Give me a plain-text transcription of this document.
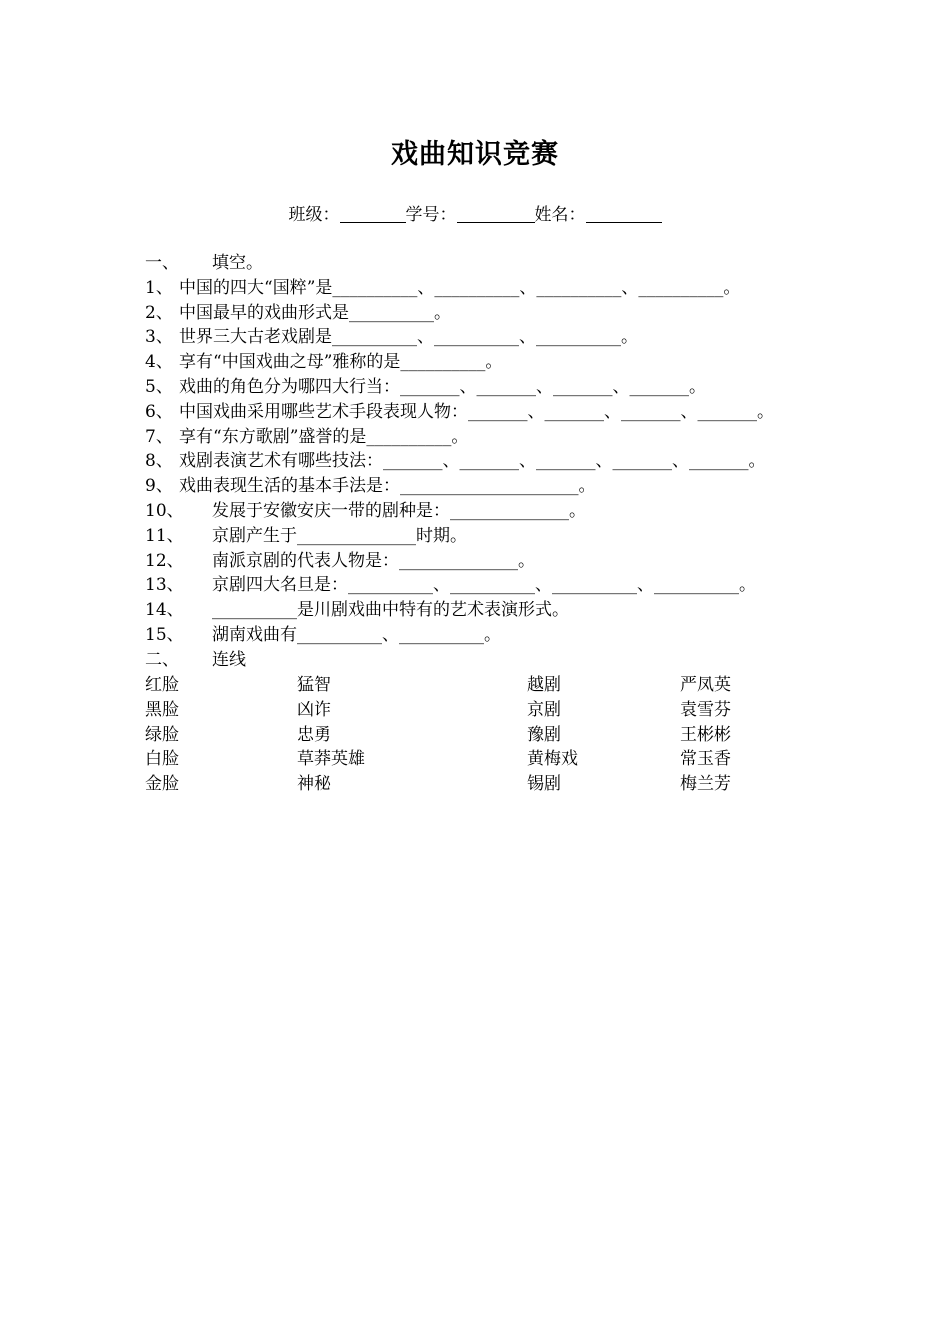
戏曲知识竞赛
班级：	学号：	姓名：
一、 填空。
1、 中国的四大“国粹”是__________、__________、__________、__________。
2、 中国最早的戏曲形式是__________。
3、 世界三大古老戏剧是__________、__________、__________。
4、 享有“中国戏曲之母”雅称的是__________。
5、 戏曲的角色分为哪四大行当：_______、_______、_______、_______。
6、 中国戏曲采用哪些艺术手段表现人物：_______、_______、_______、_______。
7、 享有“东方歌剧”盛誉的是__________。
8、 戏剧表演艺术有哪些技法：_______、_______、_______、_______、_______。
9、 戏曲表现生活的基本手法是：_____________________。
10、 发展于安徽安庆一带的剧种是：______________。
11、 京剧产生于______________时期。
12、 南派京剧的代表人物是：______________。
13、 京剧四大名旦是：__________、__________、__________、__________。
14、 __________是川剧戏曲中特有的艺术表演形式。
15、 湖南戏曲有__________、__________。
二、 连线
红脸	猛智	越剧	严凤英
黑脸	凶诈	京剧	袁雪芬
绿脸	忠勇	豫剧	王彬彬
白脸	草莽英雄	黄梅戏	常玉香
金脸	神秘	锡剧	梅兰芳
